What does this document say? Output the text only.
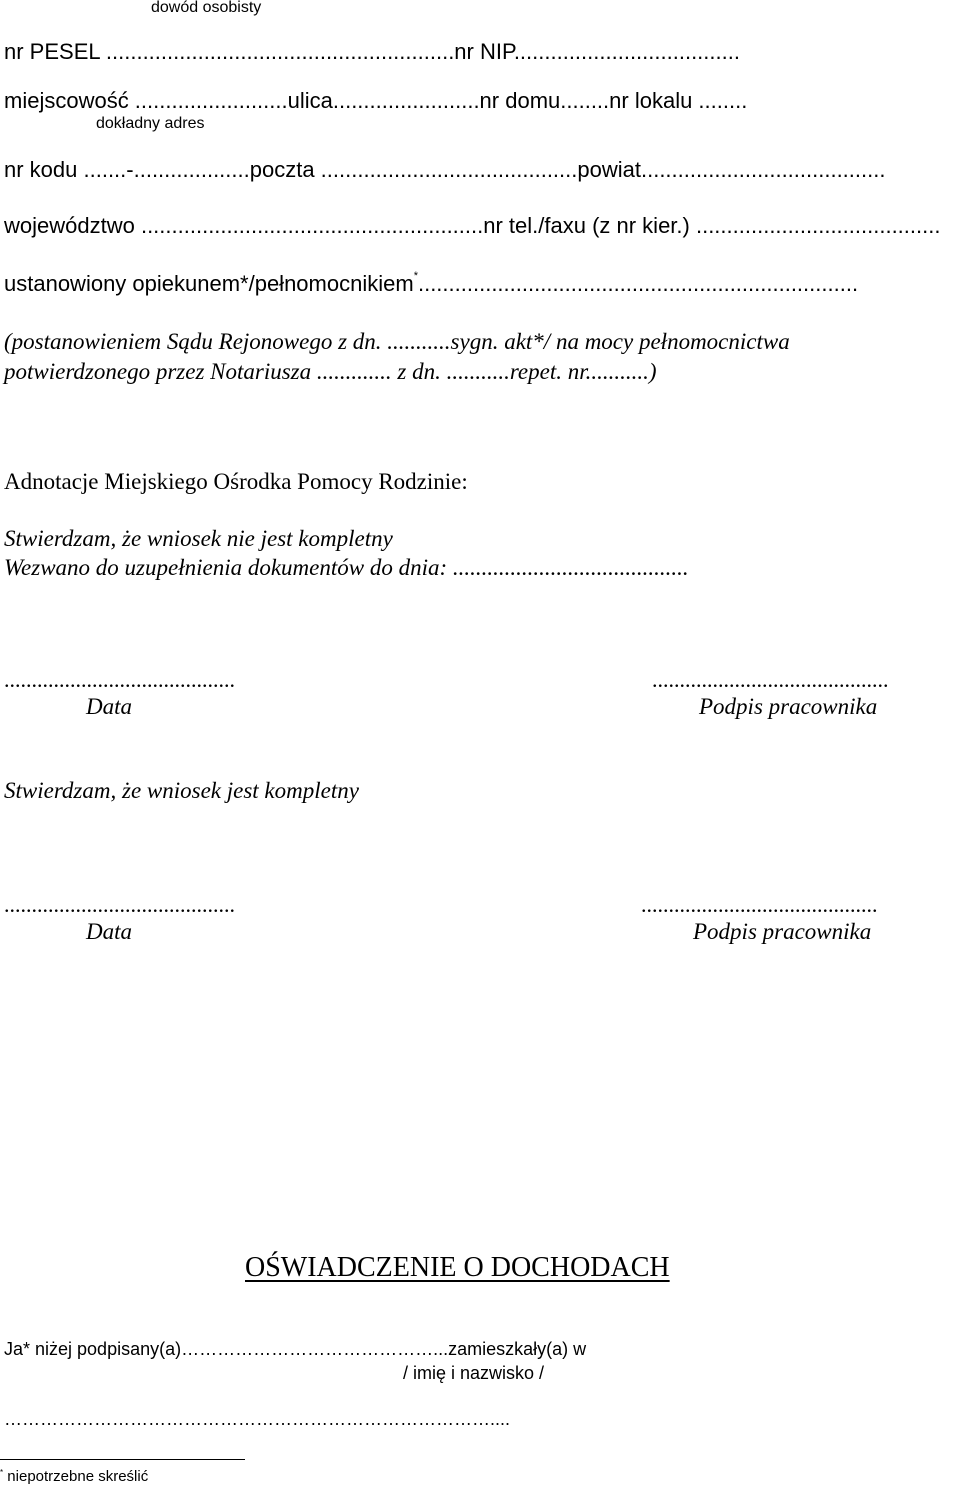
dowód osobisty
nr PESEL .........................................................nr NIP.....................................
miejscowość .........................ulica........................nr domu........nr lokalu ........
dokładny adres
nr kodu .......-...................poczta ..........................................powiat........................................
województwo ........................................................nr tel./faxu (z nr kier.) ........................................
ustanowiony opiekunem*/pełnomocnikiem*........................................................................
(postanowieniem Sądu Rejonowego z dn. ...........sygn. akt*/ na mocy pełnomocnictwa
potwierdzonego przez Notariusza ............. z dn. ...........repet. nr...........)
Adnotacje Miejskiego Ośrodka Pomocy Rodzinie:
Stwierdzam, że wniosek nie jest kompletny
Wezwano do uzupełnienia dokumentów do dnia: .........................................
..........................................
Data
...........................................
Podpis pracownika
Stwierdzam, że wniosek jest kompletny
..........................................
Data
...........................................
Podpis pracownika
OŚWIADCZENIE O DOCHODACH
Ja* niżej podpisany(a)……………………………………...zamieszkały(a) w
/ imię i nazwisko /
………………………………………………………………………....
* niepotrzebne skreślić
